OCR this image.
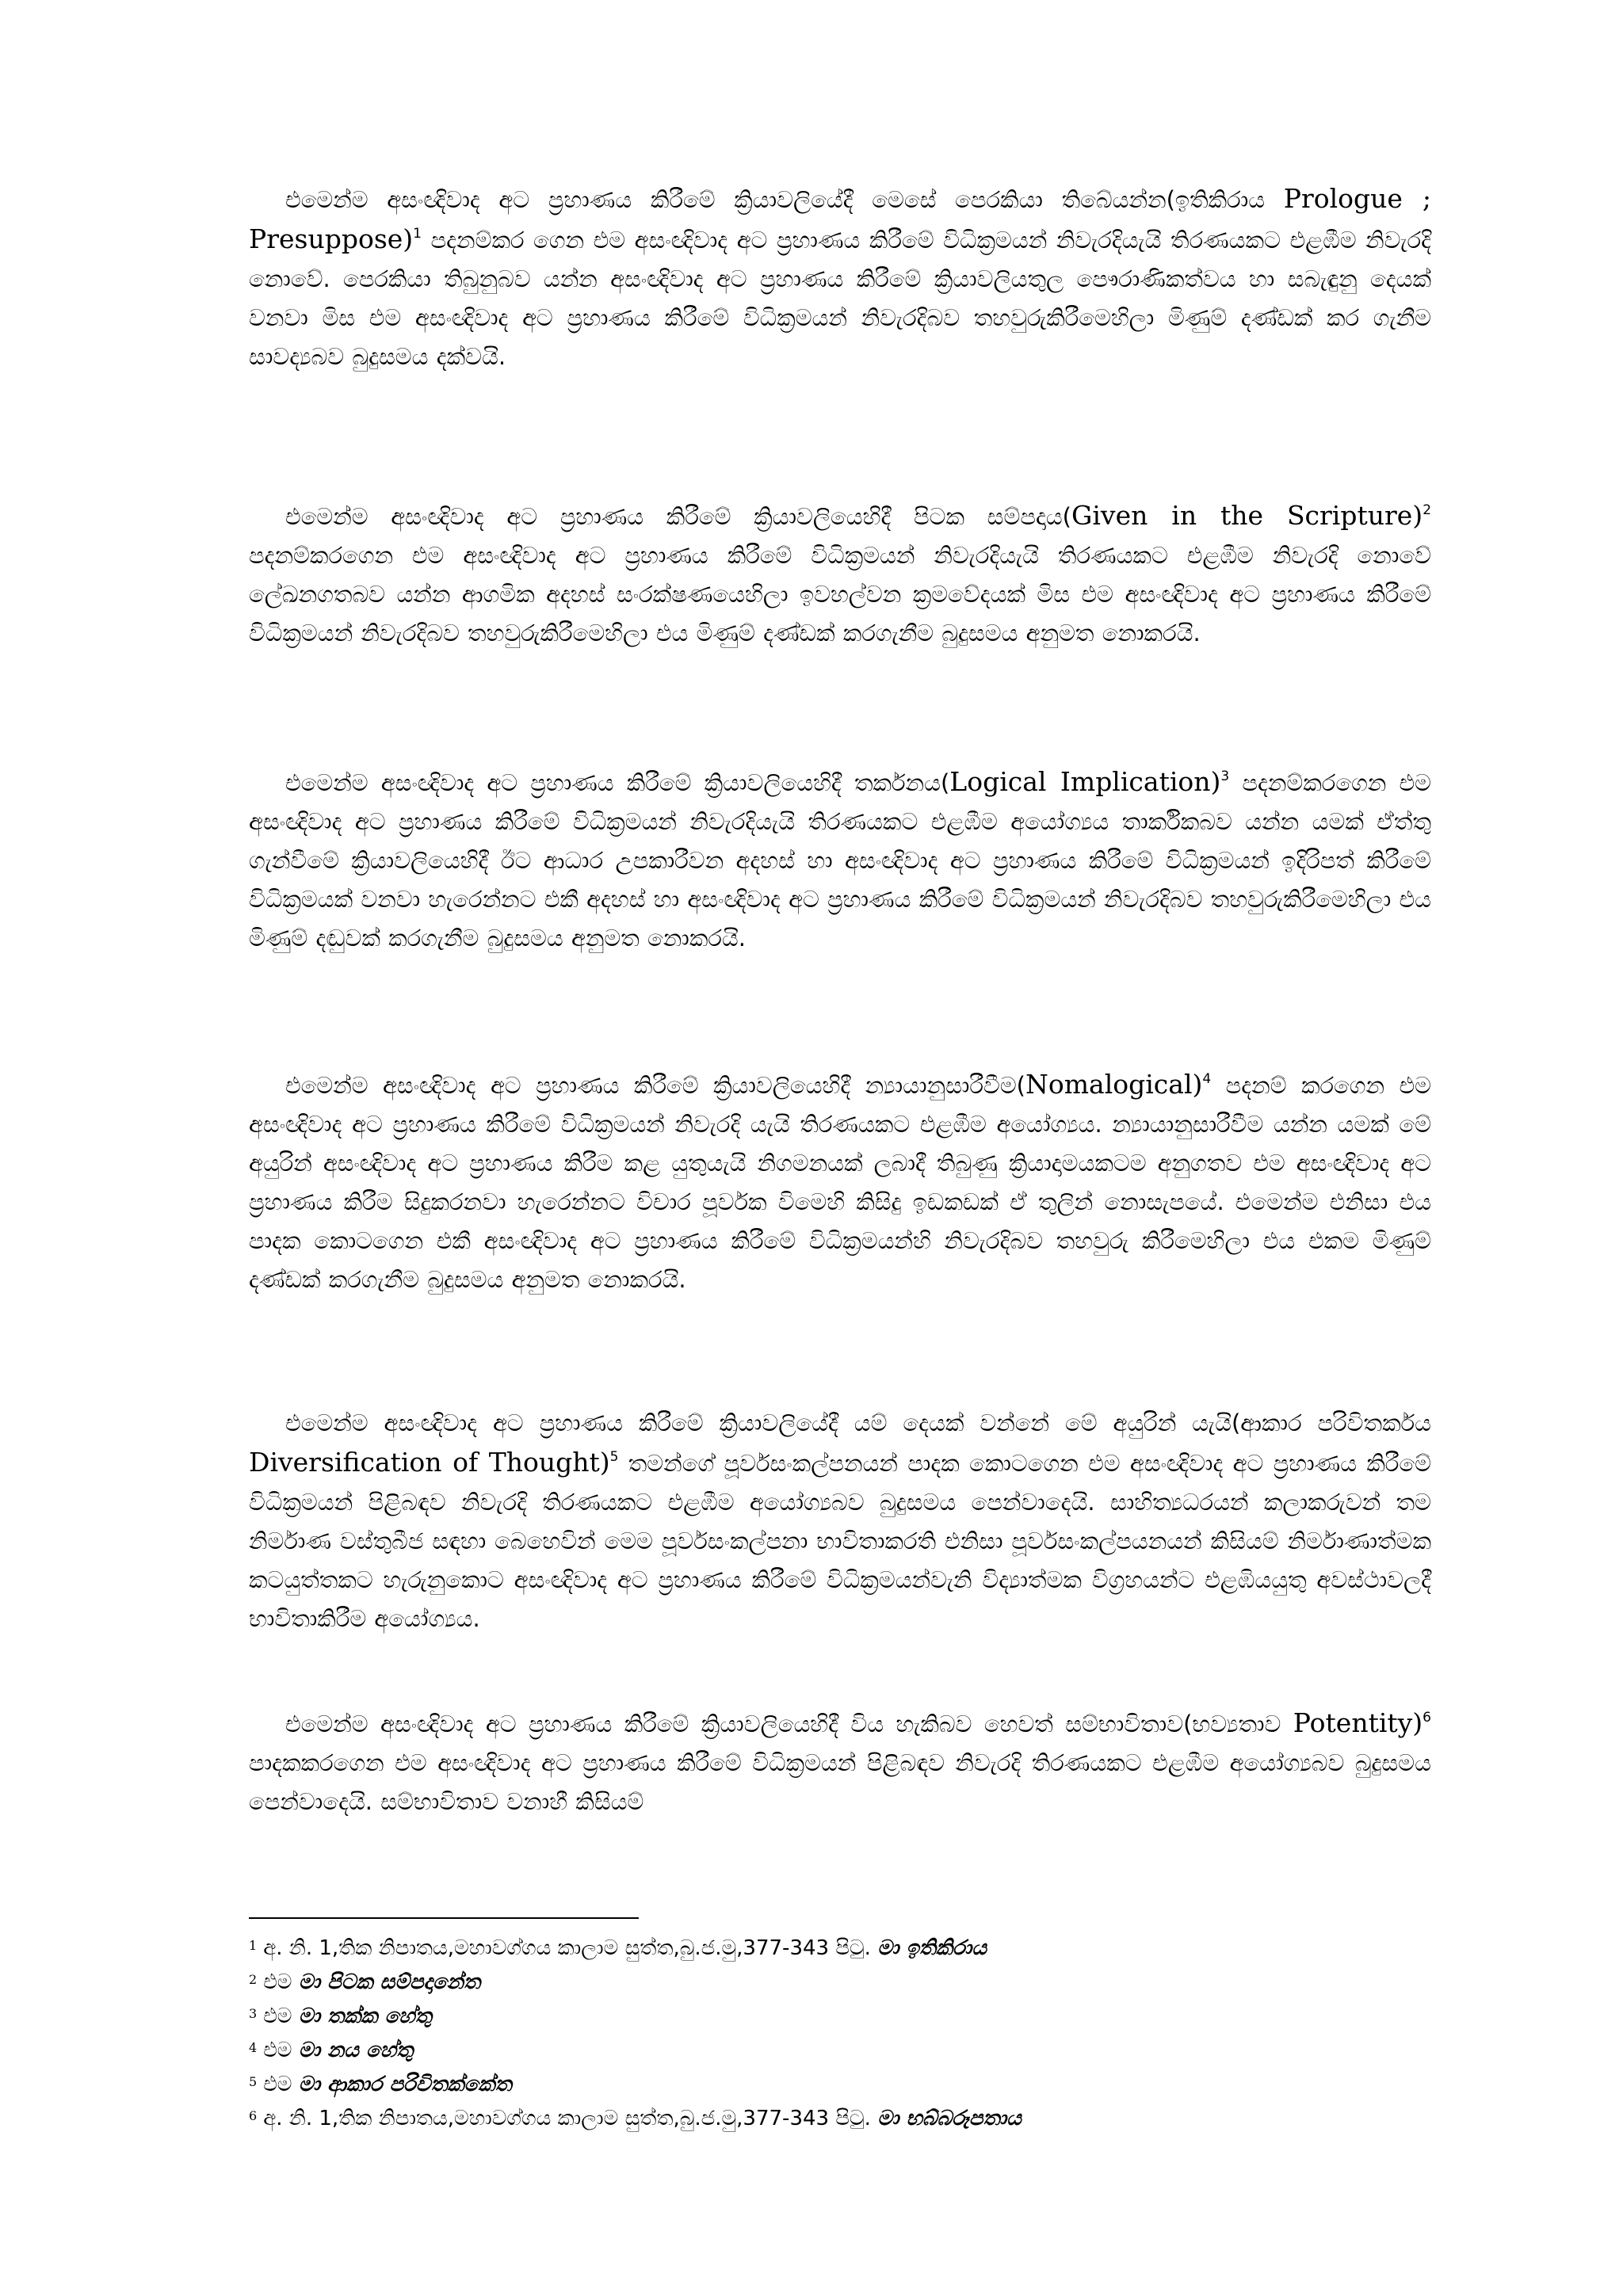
එමෙන්ම අසංඥිවාද අට ප්‍රහාණය කිරීමේ ක්‍රියාවලියේදී මෙසේ පෙරකියා තිබේයන්න(ඉතිකිරාය Prologue ; Presuppose)$^1$ පදනම්කර ගෙන එම අසංඥිවාද අට ප්‍රහාණය කිරීමේ විධික්‍රමයන් නිවැරදියැයි තිරණයකට එළඹීම නිවැරදි නොවේ. පෙරකියා තිබුනුබව යන්න අසංඥිවාද අට ප්‍රහාණය කිරීමේ ක්‍රියාවලියතුල පෞරාණිකත්වය හා සබැඳුනු දෙයක් වනවා මිස එම අසංඥිවාද අට ප්‍රහාණය කිරීමේ විධික්‍රමයන් නිවැරදිබව තහවුරුකිරීමෙහිලා මිණුම් දණ්ඩක් කර ගැනීම සාවද්‍යබව බුදුසමය දක්වයි.

එමෙන්ම අසංඥිවාද අට ප්‍රහාණය කිරීමේ ක්‍රියාවලියෙහිදී පිටක සම්පදාය(Given in the Scripture)$^2$ පදනම්කරගෙන එම අසංඥිවාද අට ප්‍රහාණය කිරීමේ විධික්‍රමයන් නිවැරදියැයි තිරණයකට එළඹීම නිවැරදි නොවේ ලේඛනගතබව යන්න ආගමික අදහස් සංරක්ෂණයෙහිලා ඉවහල්වන ක්‍රමවේදයක් මිස එම අසංඥිවාද අට ප්‍රහාණය කිරීමේ විධික්‍රමයන් නිවැරදිබව තහවුරුකිරීමෙහිලා එය මිණුම් දණ්ඩක් කරගැනීම බුදුසමය අනුමත නොකරයි.

එමෙන්ම අසංඥිවාද අට ප්‍රහාණය කිරීමේ ක්‍රියාවලියෙහිදී තර්කනය(Logical Implication)$^3$ පදනම්කරගෙන එම අසංඥිවාද අට ප්‍රහාණය කිරීමේ විධික්‍රමයන් නිවැරදියැයි තිරණයකට එළඹීම අයෝග්‍යය තාර්කිකබව යන්න යමක් ඒත්තු ගැන්වීමේ ක්‍රියාවලියෙහිදී ඊට ආධාර උපකාරීවන අදහස් හා අසංඥිවාද අට ප්‍රහාණය කිරීමේ විධික්‍රමයන් ඉදිරිපත් කිරීමේ විධික්‍රමයක් වනවා හැරෙන්නට එකී අදහස් හා අසංඥිවාද අට ප්‍රහාණය කිරීමේ විධික්‍රමයන් නිවැරදිබව තහවුරුකිරීමෙහිලා එය මිණුම් දඬුවක් කරගැනීම බුදුසමය අනුමත නොකරයි.

එමෙන්ම අසංඥිවාද අට ප්‍රහාණය කිරීමේ ක්‍රියාවලියෙහිදී න්‍යායානුසාරීවීම(Nomalogical)$^4$ පදනම් කරගෙන එම අසංඥිවාද අට ප්‍රහාණය කිරීමේ විධික්‍රමයන් නිවැරදි යැයි තිරණයකට එළඹීම අයෝග්‍යය. න්‍යායානුසාරීවීම යන්න යමක් මේ අයුරින් අසංඥිවාද අට ප්‍රහාණය කිරීම කළ යුතුයැයි නිගමනයක් ලබාදී තිබුණු ක්‍රියාදාමයකටම අනුගතව එම අසංඥිවාද අට ප්‍රහාණය කිරීම සිදුකරනවා හැරෙන්නට විචාර පූර්වක විමෙහි කිසිදු ඉඩකඩක් ඒ තුලින් නොසැපයේ. එමෙන්ම එනිසා එය පාදක කොටගෙන එකී අසංඥිවාද අට ප්‍රහාණය කිරීමේ විධික්‍රමයන්හි නිවැරදිබව තහවුරු කිරීමෙහිලා එය එකම මිණුම් දණ්ඩක් කරගැනීම බුදුසමය අනුමත නොකරයි.

එමෙන්ම අසංඥිවාද අට ප්‍රහාණය කිරීමේ ක්‍රියාවලියේදී යම් දෙයක් වන්නේ මේ අයුරින් යැයි(ආකාර පරිවිතර්කය Diversification of Thought)$^5$ තමන්ගේ පූර්වසංකල්පනයන් පාදක කොටගෙන එම අසංඥිවාද අට ප්‍රහාණය කිරීමේ විධික්‍රමයන් පිළිබඳව නිවැරදි තිරණයකට එළඹීම අයෝග්‍යබව බුදුසමය පෙන්වාදෙයි. සාහිත්‍යධරයන් කලාකරුවන් තම නිර්මාණ වස්තුබීජ සඳහා බෙහෙවින් මෙම පූර්වසංකල්පනා භාවිතාකරති එනිසා පූර්වසංකල්පයනයන් කිසියම් නිර්මාණාත්මක කටයුත්තකට හැරුනුකොට අසංඥිවාද අට ප්‍රහාණය කිරීමේ විධික්‍රමයන්වැනි විද්‍යාත්මක විග්‍රහයන්ට එළඹියයුතු අවස්ථාවලදී භාවිතාකිරීම අයෝග්‍යය.

එමෙන්ම අසංඥිවාද අට ප්‍රහාණය කිරීමේ ක්‍රියාවලියෙහිදී විය හැකිබව හෙවත් සම්භාවිතාව(භව්‍යතාව Potentity)$^6$ පාදකකරගෙන එම අසංඥිවාද අට ප්‍රහාණය කිරීමේ විධික්‍රමයන් පිළිබඳව නිවැරදි තිරණයකට එළඹීම අයෝග්‍යබව බුදුසමය පෙන්වාදෙයි. සම්භාවිතාව වනාහී කිසියම්

$^1$ අ. නි. 1,තික නිපාතය,මහාවග්ගය කාලාම සුත්ත,බු.ජ.මු,377-343 පිටු. මා ඉතිකිරාය
$^2$ එම මා පිටක සම්පදානේත
$^3$ එම මා තක්ක හේතු
$^4$ එම මා නය හේතු
$^5$ එම මා ආකාර පරිවිතක්කේත
$^6$ අ. නි. 1,තික නිපාතය,මහාවග්ගය කාලාම සුත්ත,බු.ජ.මු,377-343 පිටු. මා භබ්බරූපතාය
